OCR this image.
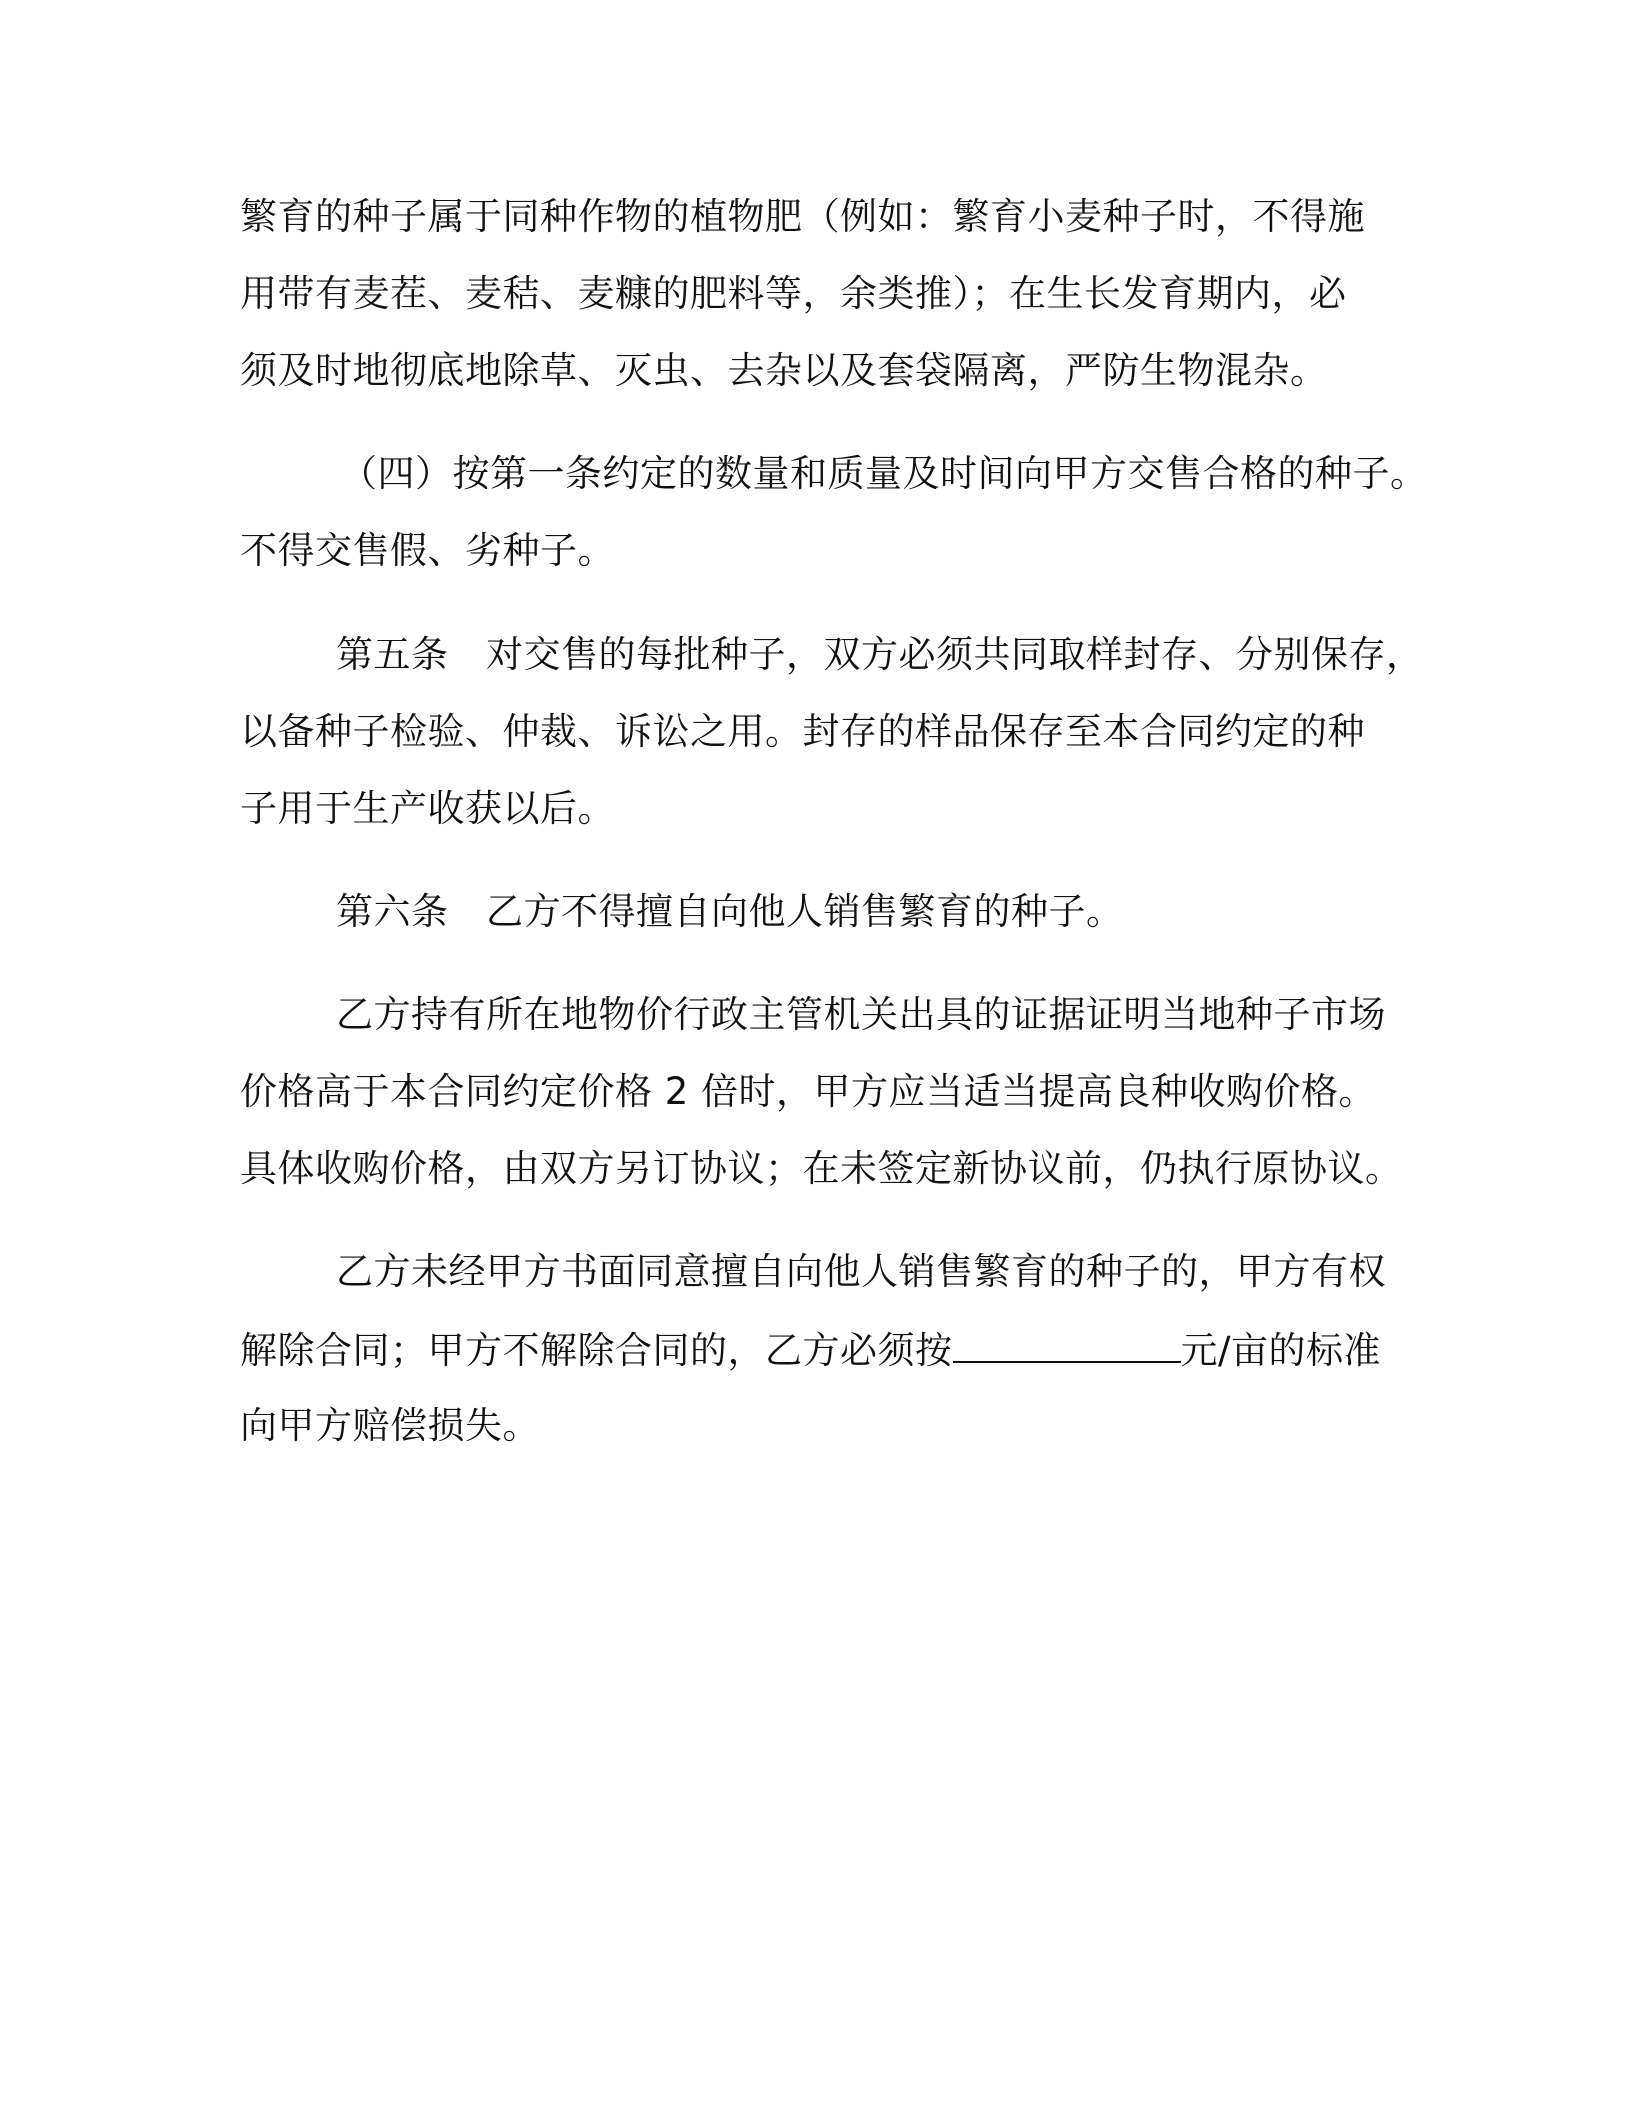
繁育的种子属于同种作物的植物肥（例如：繁育小麦种子时，不得施
用带有麦茬、麦秸、麦糠的肥料等，余类推）；在生长发育期内，必
须及时地彻底地除草、灭虫、去杂以及套袋隔离，严防生物混杂。
（四）按第一条约定的数量和质量及时间向甲方交售合格的种子。
不得交售假、劣种子。
第五条　对交售的每批种子，双方必须共同取样封存、分别保存，
以备种子检验、仲裁、诉讼之用。封存的样品保存至本合同约定的种
子用于生产收获以后。
第六条　乙方不得擅自向他人销售繁育的种子。
乙方持有所在地物价行政主管机关出具的证据证明当地种子市场
价格高于本合同约定价格 2 倍时，甲方应当适当提高良种收购价格。
具体收购价格，由双方另订协议；在未签定新协议前，仍执行原协议。
乙方未经甲方书面同意擅自向他人销售繁育的种子的，甲方有权
解除合同；甲方不解除合同的，乙方必须按	元/亩的标准
向甲方赔偿损失。
